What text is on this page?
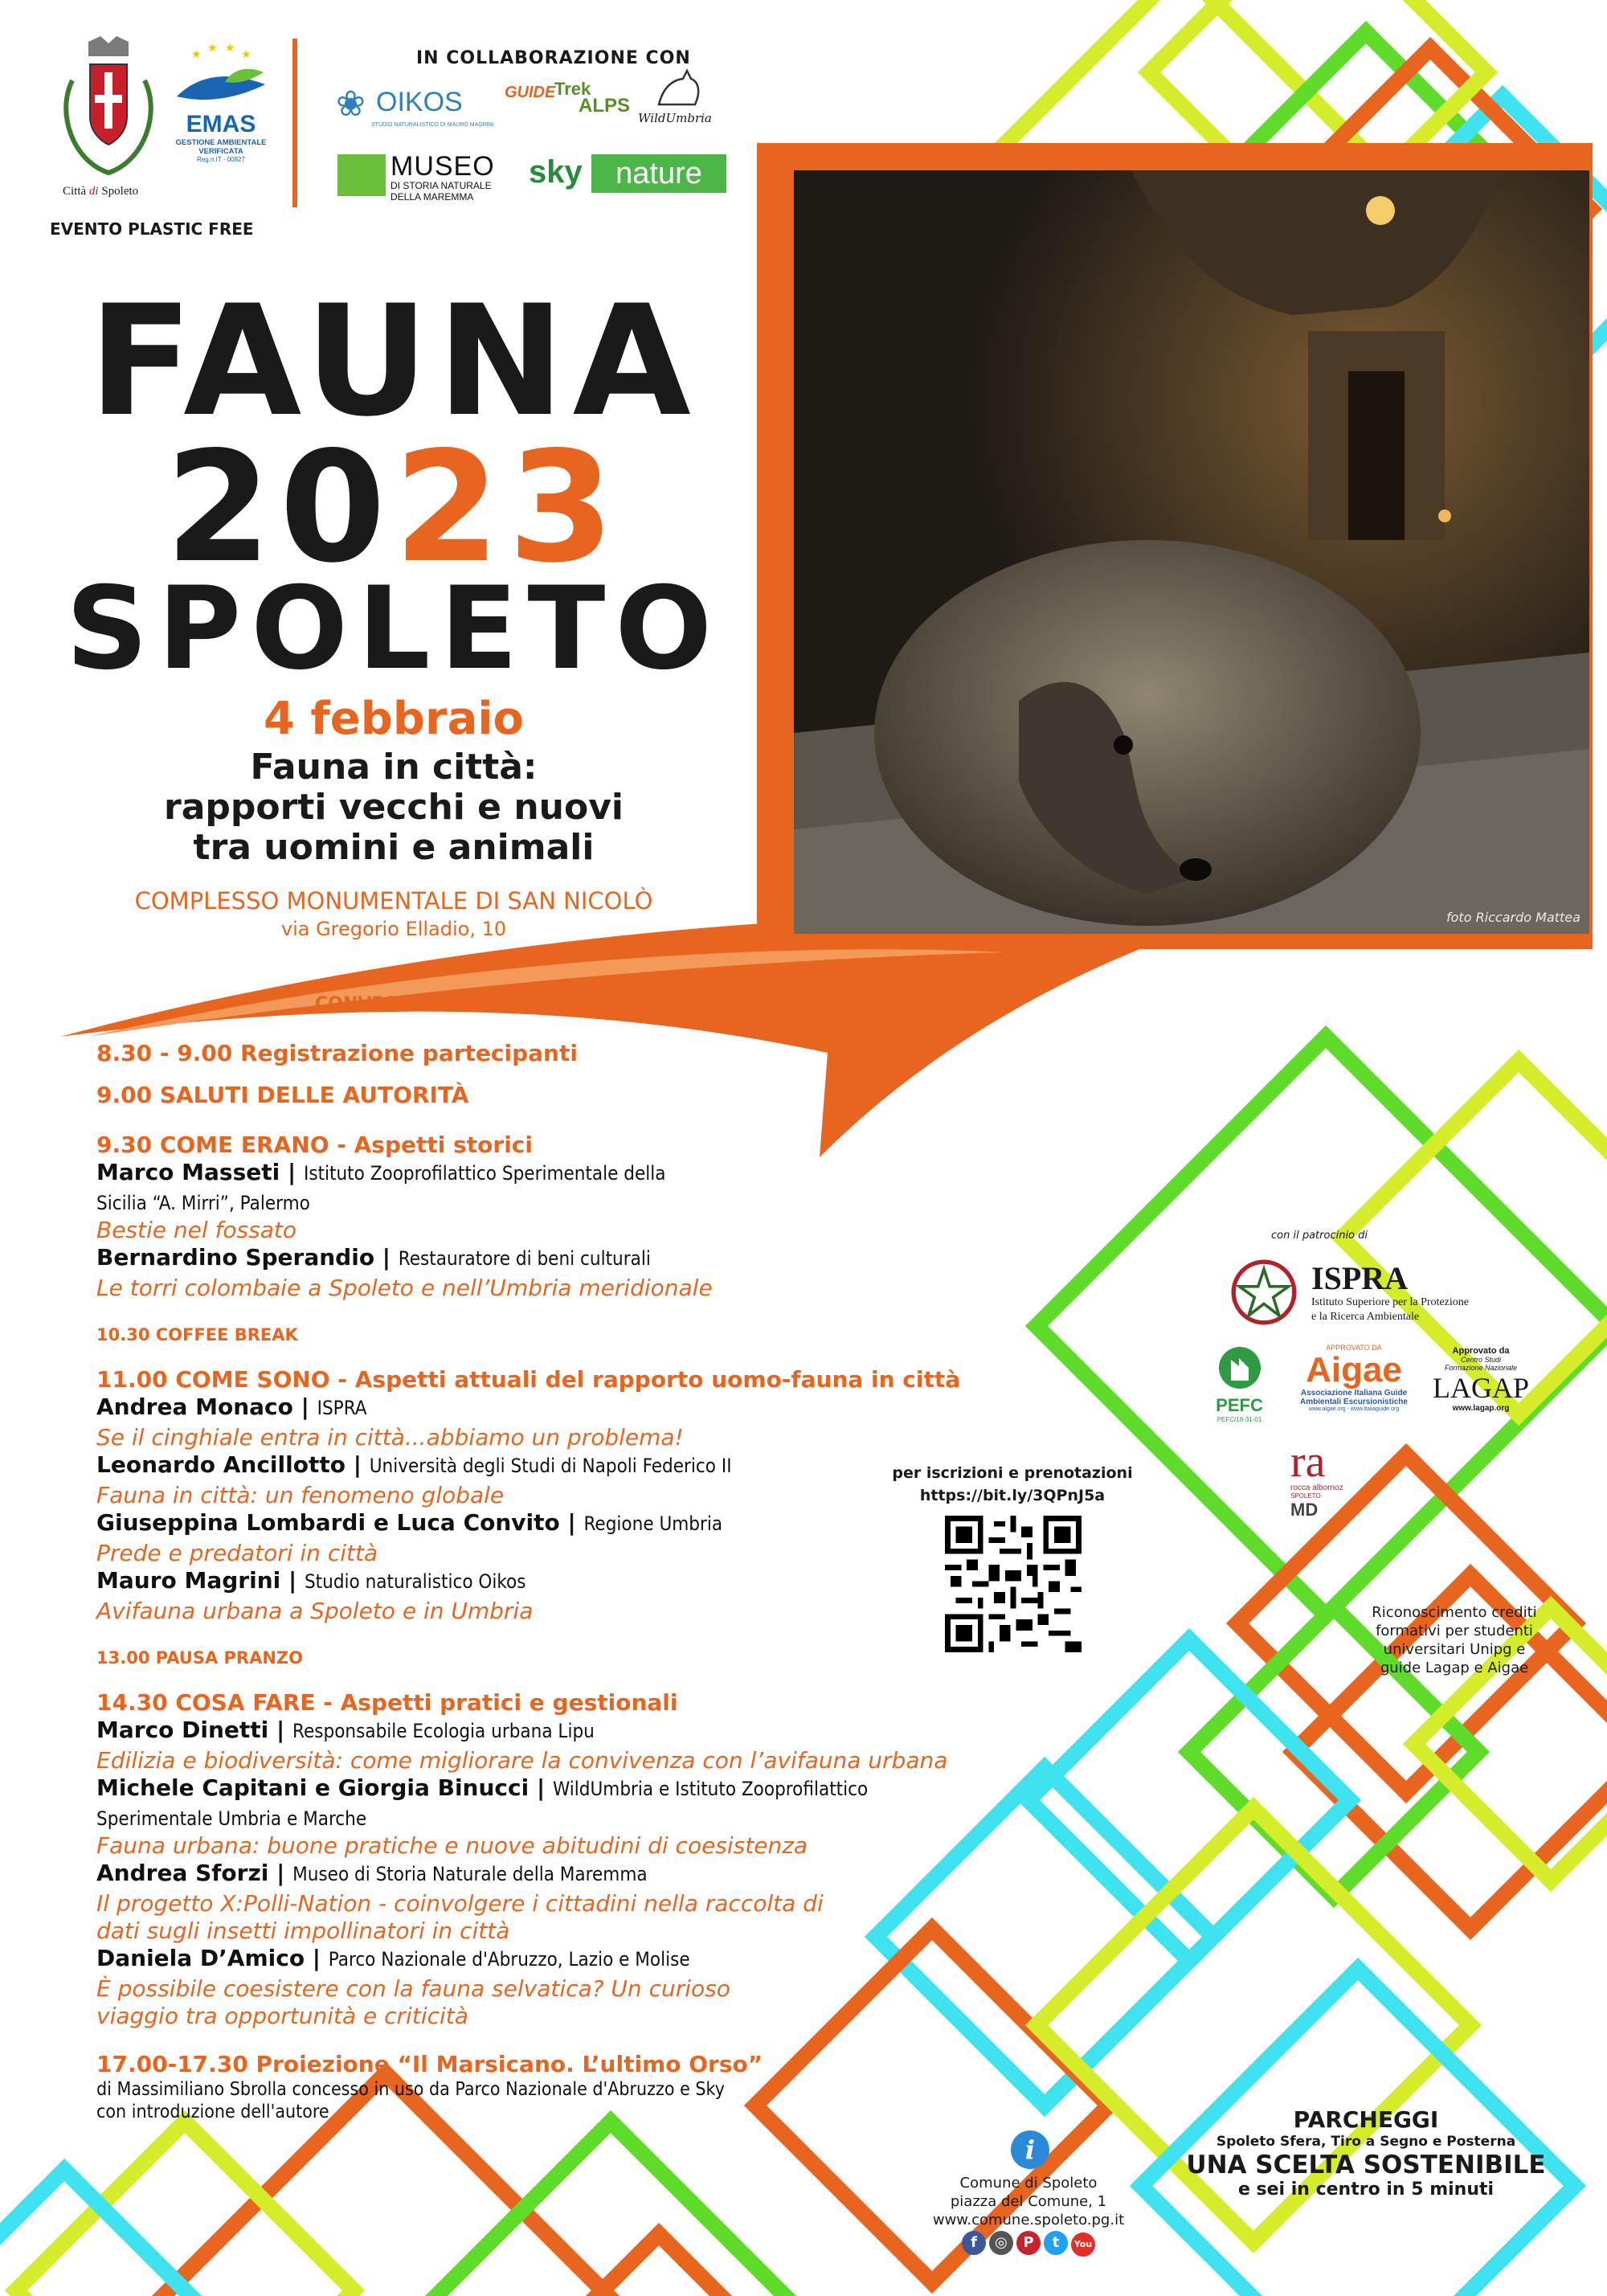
Città di Spoleto
★ ★ ★ ★
EMAS
GESTIONE AMBIENTALE VERIFICATA
Reg.n.IT - 00827
EVENTO PLASTIC FREE
IN COLLABORAZIONE CON
❀ OIKOS
STUDIO NATURALISTICO DI MAURO MAGRINI
GUIDE
Trek
ALPS
WildUmbria
MUSEO
DI STORIA NATURALE
DELLA MAREMMA
sky	nature
FAUNA
2023
SPOLETO
4 febbraio
Fauna in città:
rapporti vecchi e nuovi
tra uomini e animali
COMPLESSO MONUMENTALE DI SAN NICOLÒ
via Gregorio Elladio, 10
foto Riccardo Mattea
CONVEGNO
8.30 - 9.00 Registrazione partecipanti
9.00 SALUTI DELLE AUTORITÀ
9.30 COME ERANO - Aspetti storici
Marco Masseti | Istituto Zooprofilattico Sperimentale della
Sicilia “A. Mirri”, Palermo
Bestie nel fossato
Bernardino Sperandio | Restauratore di beni culturali
Le torri colombaie a Spoleto e nell’Umbria meridionale
10.30 COFFEE BREAK
11.00 COME SONO - Aspetti attuali del rapporto uomo-fauna in città
Andrea Monaco | ISPRA
Se il cinghiale entra in città...abbiamo un problema!
Leonardo Ancillotto | Università degli Studi di Napoli Federico II
Fauna in città: un fenomeno globale
Giuseppina Lombardi e Luca Convito | Regione Umbria
Prede e predatori in città
Mauro Magrini | Studio naturalistico Oikos
Avifauna urbana a Spoleto e in Umbria
13.00 PAUSA PRANZO
14.30 COSA FARE - Aspetti pratici e gestionali
Marco Dinetti | Responsabile Ecologia urbana Lipu
Edilizia e biodiversità: come migliorare la convivenza con l’avifauna urbana
Michele Capitani e Giorgia Binucci | WildUmbria e Istituto Zooprofilattico
Sperimentale Umbria e Marche
Fauna urbana: buone pratiche e nuove abitudini di coesistenza
Andrea Sforzi | Museo di Storia Naturale della Maremma
Il progetto X:Polli-Nation - coinvolgere i cittadini nella raccolta di
dati sugli insetti impollinatori in città
Daniela D’Amico | Parco Nazionale d'Abruzzo, Lazio e Molise
È possibile coesistere con la fauna selvatica? Un curioso
viaggio tra opportunità e criticità
17.00-17.30 Proiezione “Il Marsicano. L’ultimo Orso”
di Massimiliano Sbrolla concesso in uso da Parco Nazionale d'Abruzzo e Sky
con introduzione dell'autore
per iscrizioni e prenotazioni
https://bit.ly/3QPnJ5a
con il patrocinio di
ISPRA
Istituto Superiore per la Protezione
e la Ricerca Ambientale
PEFC
PEFC/18-31-01
APPROVATO DA
Aigae
Associazione Italiana Guide
Ambientali Escursionistiche
www.aigae.org - www.italiaguide.org
Approvato da
Centro Studi
Formazione Nazionale
LAGAP
www.lagap.org
ra
rocca albornoz
SPOLETO
MD
Riconoscimento crediti
formativi per studenti
universitari Unipg e
guide Lagap e Aigae
i
Comune di Spoleto
piazza del Comune, 1
www.comune.spoleto.pg.it
f ◎ P t You
PARCHEGGI
Spoleto Sfera, Tiro a Segno e Posterna
UNA SCELTA SOSTENIBILE
e sei in centro in 5 minuti
